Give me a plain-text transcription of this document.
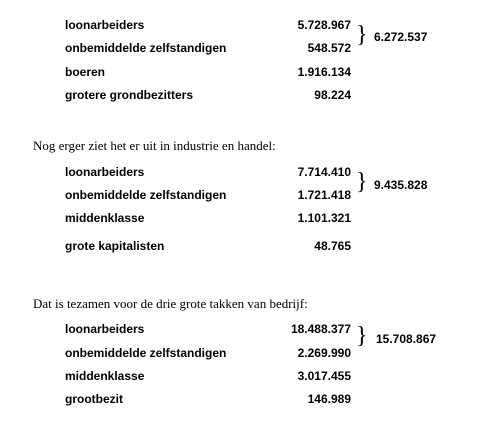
loonarbeiders	5.728.967
onbemiddelde zelfstandigen	548.572
boeren	1.916.134
grotere grondbezitters	98.224
} 6.272.537
Nog erger ziet het er uit in industrie en handel:
loonarbeiders	7.714.410
onbemiddelde zelfstandigen	1.721.418
middenklasse	1.101.321
grote kapitalisten	48.765
} 9.435.828
Dat is tezamen voor de drie grote takken van bedrijf:
loonarbeiders	18.488.377
onbemiddelde zelfstandigen	2.269.990
middenklasse	3.017.455
grootbezit	146.989
} 15.708.867
